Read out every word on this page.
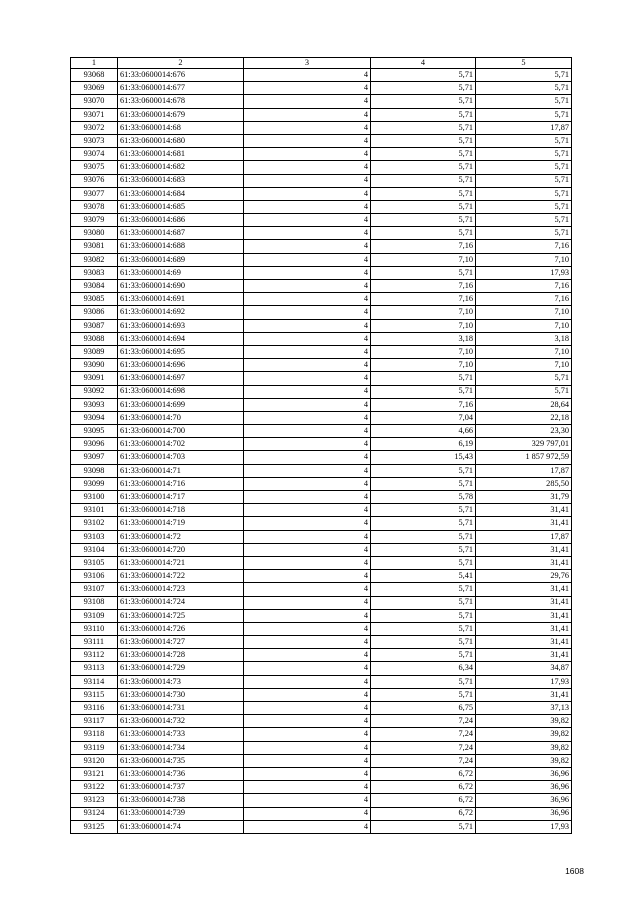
1	2	3	4	5
93068	61:33:0600014:676	4	5,71	5,71
93069	61:33:0600014:677	4	5,71	5,71
93070	61:33:0600014:678	4	5,71	5,71
93071	61:33:0600014:679	4	5,71	5,71
93072	61:33:0600014:68	4	5,71	17,87
93073	61:33:0600014:680	4	5,71	5,71
93074	61:33:0600014:681	4	5,71	5,71
93075	61:33:0600014:682	4	5,71	5,71
93076	61:33:0600014:683	4	5,71	5,71
93077	61:33:0600014:684	4	5,71	5,71
93078	61:33:0600014:685	4	5,71	5,71
93079	61:33:0600014:686	4	5,71	5,71
93080	61:33:0600014:687	4	5,71	5,71
93081	61:33:0600014:688	4	7,16	7,16
93082	61:33:0600014:689	4	7,10	7,10
93083	61:33:0600014:69	4	5,71	17,93
93084	61:33:0600014:690	4	7,16	7,16
93085	61:33:0600014:691	4	7,16	7,16
93086	61:33:0600014:692	4	7,10	7,10
93087	61:33:0600014:693	4	7,10	7,10
93088	61:33:0600014:694	4	3,18	3,18
93089	61:33:0600014:695	4	7,10	7,10
93090	61:33:0600014:696	4	7,10	7,10
93091	61:33:0600014:697	4	5,71	5,71
93092	61:33:0600014:698	4	5,71	5,71
93093	61:33:0600014:699	4	7,16	28,64
93094	61:33:0600014:70	4	7,04	22,18
93095	61:33:0600014:700	4	4,66	23,30
93096	61:33:0600014:702	4	6,19	329 797,01
93097	61:33:0600014:703	4	15,43	1 857 972,59
93098	61:33:0600014:71	4	5,71	17,87
93099	61:33:0600014:716	4	5,71	285,50
93100	61:33:0600014:717	4	5,78	31,79
93101	61:33:0600014:718	4	5,71	31,41
93102	61:33:0600014:719	4	5,71	31,41
93103	61:33:0600014:72	4	5,71	17,87
93104	61:33:0600014:720	4	5,71	31,41
93105	61:33:0600014:721	4	5,71	31,41
93106	61:33:0600014:722	4	5,41	29,76
93107	61:33:0600014:723	4	5,71	31,41
93108	61:33:0600014:724	4	5,71	31,41
93109	61:33:0600014:725	4	5,71	31,41
93110	61:33:0600014:726	4	5,71	31,41
93111	61:33:0600014:727	4	5,71	31,41
93112	61:33:0600014:728	4	5,71	31,41
93113	61:33:0600014:729	4	6,34	34,87
93114	61:33:0600014:73	4	5,71	17,93
93115	61:33:0600014:730	4	5,71	31,41
93116	61:33:0600014:731	4	6,75	37,13
93117	61:33:0600014:732	4	7,24	39,82
93118	61:33:0600014:733	4	7,24	39,82
93119	61:33:0600014:734	4	7,24	39,82
93120	61:33:0600014:735	4	7,24	39,82
93121	61:33:0600014:736	4	6,72	36,96
93122	61:33:0600014:737	4	6,72	36,96
93123	61:33:0600014:738	4	6,72	36,96
93124	61:33:0600014:739	4	6,72	36,96
93125	61:33:0600014:74	4	5,71	17,93
1608
